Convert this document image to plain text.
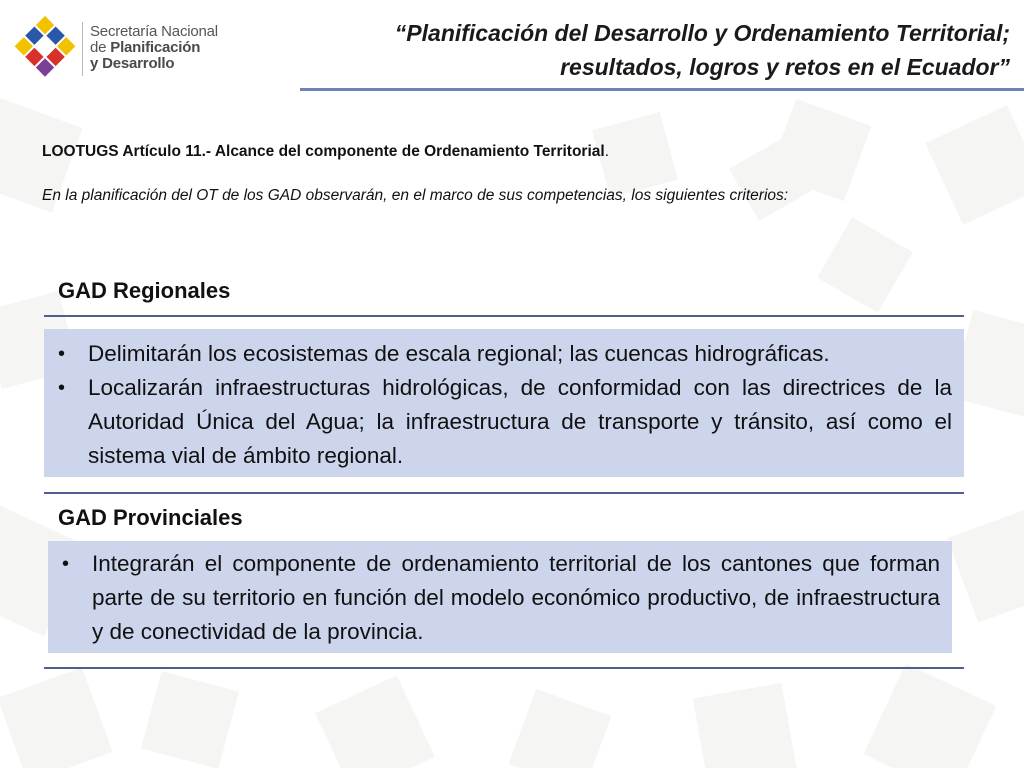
Secretaría Nacional
de Planificación
y Desarrollo
“Planificación del Desarrollo y Ordenamiento Territorial;
resultados, logros y retos en el Ecuador”
LOOTUGS Artículo 11.- Alcance del componente de Ordenamiento Territorial.
En la planificación del OT de los GAD observarán, en el marco de sus competencias, los siguientes criterios:
GAD Regionales
• Delimitarán los ecosistemas de escala regional; las cuencas hidrográficas.
• Localizarán infraestructuras hidrológicas, de conformidad con las directrices de la Autoridad Única del Agua; la infraestructura de transporte y tránsito, así como el sistema vial de ámbito regional.
GAD Provinciales
• Integrarán el componente de ordenamiento territorial de los cantones que forman parte de su territorio en función del modelo económico productivo, de infraestructura y de conectividad de la provincia.
